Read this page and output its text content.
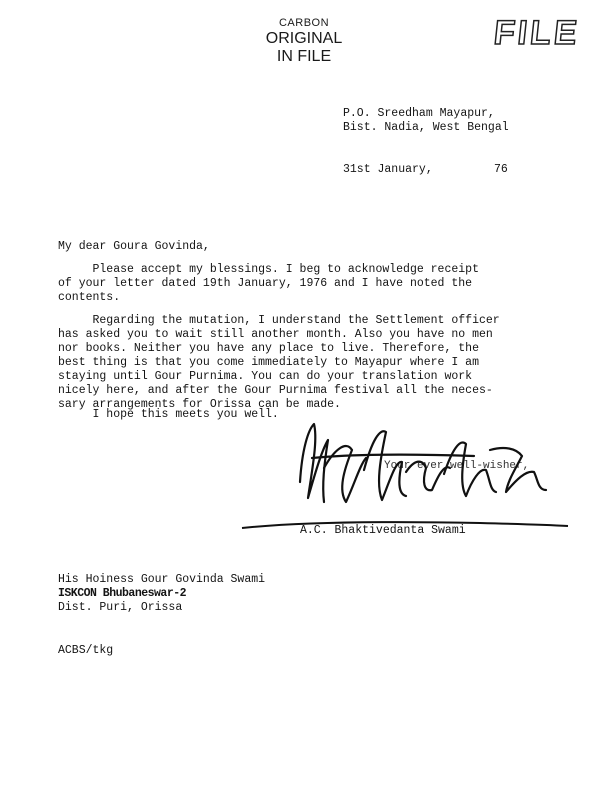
CARBON
ORIGINAL
IN FILE
FILE
P.O. Sreedham Mayapur,
Bist. Nadia, West Bengal
31st January,	76
My dear Goura Govinda,
Please accept my blessings. I beg to acknowledge receipt
of your letter dated 19th January, 1976 and I have noted the
contents.
Regarding the mutation, I understand the Settlement officer
has asked you to wait still another month. Also you have no men
nor books. Neither you have any place to live. Therefore, the
best thing is that you come immediately to Mayapur where I am
staying until Gour Purnima. You can do your translation work
nicely here, and after the Gour Purnima festival all the neces-
sary arrangements for Orissa can be made.
I hope this meets you well.
Your ever well-wisher,
A.C. Bhaktivedanta Swami
His Hoiness Gour Govinda Swami
ISKCON Bhubaneswar-2
Dist. Puri, Orissa
ACBS/tkg
